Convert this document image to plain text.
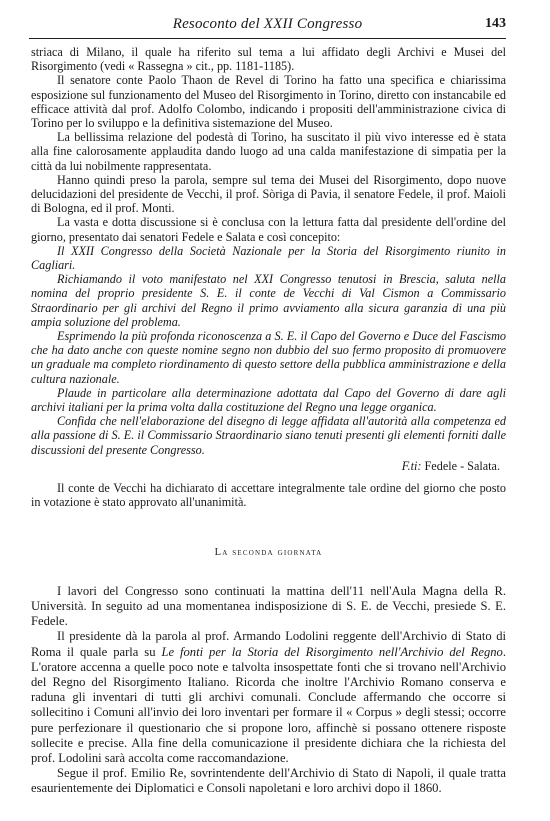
Resoconto del XXII Congresso	143

striaca di Milano, il quale ha riferito sul tema a lui affidato degli Archivi e Musei del Risorgimento (vedi « Rassegna » cit., pp. 1181-1185).

Il senatore conte Paolo Thaon de Revel di Torino ha fatto una specifica e chiarissima esposizione sul funzionamento del Museo del Risorgimento in Torino, diretto con instancabile ed efficace attività dal prof. Adolfo Colombo, indicando i propositi dell'amministrazione civica di Torino per lo sviluppo e la definitiva sistemazione del Museo.

La bellissima relazione del podestà di Torino, ha suscitato il più vivo interesse ed è stata alla fine calorosamente applaudita dando luogo ad una calda manifestazione di simpatia per la città da lui nobilmente rappresentata.

Hanno quindi preso la parola, sempre sul tema dei Musei del Risorgimento, dopo nuove delucidazioni del presidente de Vecchi, il prof. Sòriga di Pavia, il senatore Fedele, il prof. Maioli di Bologna, ed il prof. Monti.

La vasta e dotta discussione si è conclusa con la lettura fatta dal presidente dell'ordine del giorno, presentato dai senatori Fedele e Salata e così concepito:

Il XXII Congresso della Società Nazionale per la Storia del Risorgimento riunito in Cagliari.

Richiamando il voto manifestato nel XXI Congresso tenutosi in Brescia, saluta nella nomina del proprio presidente S. E. il conte de Vecchi di Val Cismon a Commissario Straordinario per gli archivi del Regno il primo avviamento alla sicura garanzia di una più ampia soluzione del problema.

Esprimendo la più profonda riconoscenza a S. E. il Capo del Governo e Duce del Fascismo che ha dato anche con queste nomine segno non dubbio del suo fermo proposito di promuovere un graduale ma completo riordinamento di questo settore della pubblica amministrazione e della cultura nazionale.

Plaude in particolare alla determinazione adottata dal Capo del Governo di dare agli archivi italiani per la prima volta dalla costituzione del Regno una legge organica.

Confida che nell'elaborazione del disegno di legge affidata all'autorità alla competenza ed alla passione di S. E. il Commissario Straordinario siano tenuti presenti gli elementi forniti dalle discussioni del presente Congresso.

F.ti: Fedele - Salata.

Il conte de Vecchi ha dichiarato di accettare integralmente tale ordine del giorno che posto in votazione è stato approvato all'unanimità.

La seconda giornata

I lavori del Congresso sono continuati la mattina dell'11 nell'Aula Magna della R. Università. In seguito ad una momentanea indisposizione di S. E. de Vecchi, presiede S. E. Fedele.

Il presidente dà la parola al prof. Armando Lodolini reggente dell'Archivio di Stato di Roma il quale parla su Le fonti per la Storia del Risorgimento nell'Archivio del Regno. L'oratore accenna a quelle poco note e talvolta insospettate fonti che si trovano nell'Archivio del Regno del Risorgimento Italiano. Ricorda che inoltre l'Archivio Romano conserva e raduna gli inventari di tutti gli archivi comunali. Conclude affermando che occorre si sollecitino i Comuni all'invio dei loro inventari per formare il « Corpus » degli stessi; occorre pure perfezionare il questionario che si propone loro, affinchè si possano ottenere risposte sollecite e precise. Alla fine della comunicazione il presidente dichiara che la richiesta del prof. Lodolini sarà accolta come raccomandazione.

Segue il prof. Emilio Re, sovrintendente dell'Archivio di Stato di Napoli, il quale tratta esaurientemente dei Diplomatici e Consoli napoletani e loro archivi dopo il 1860.
